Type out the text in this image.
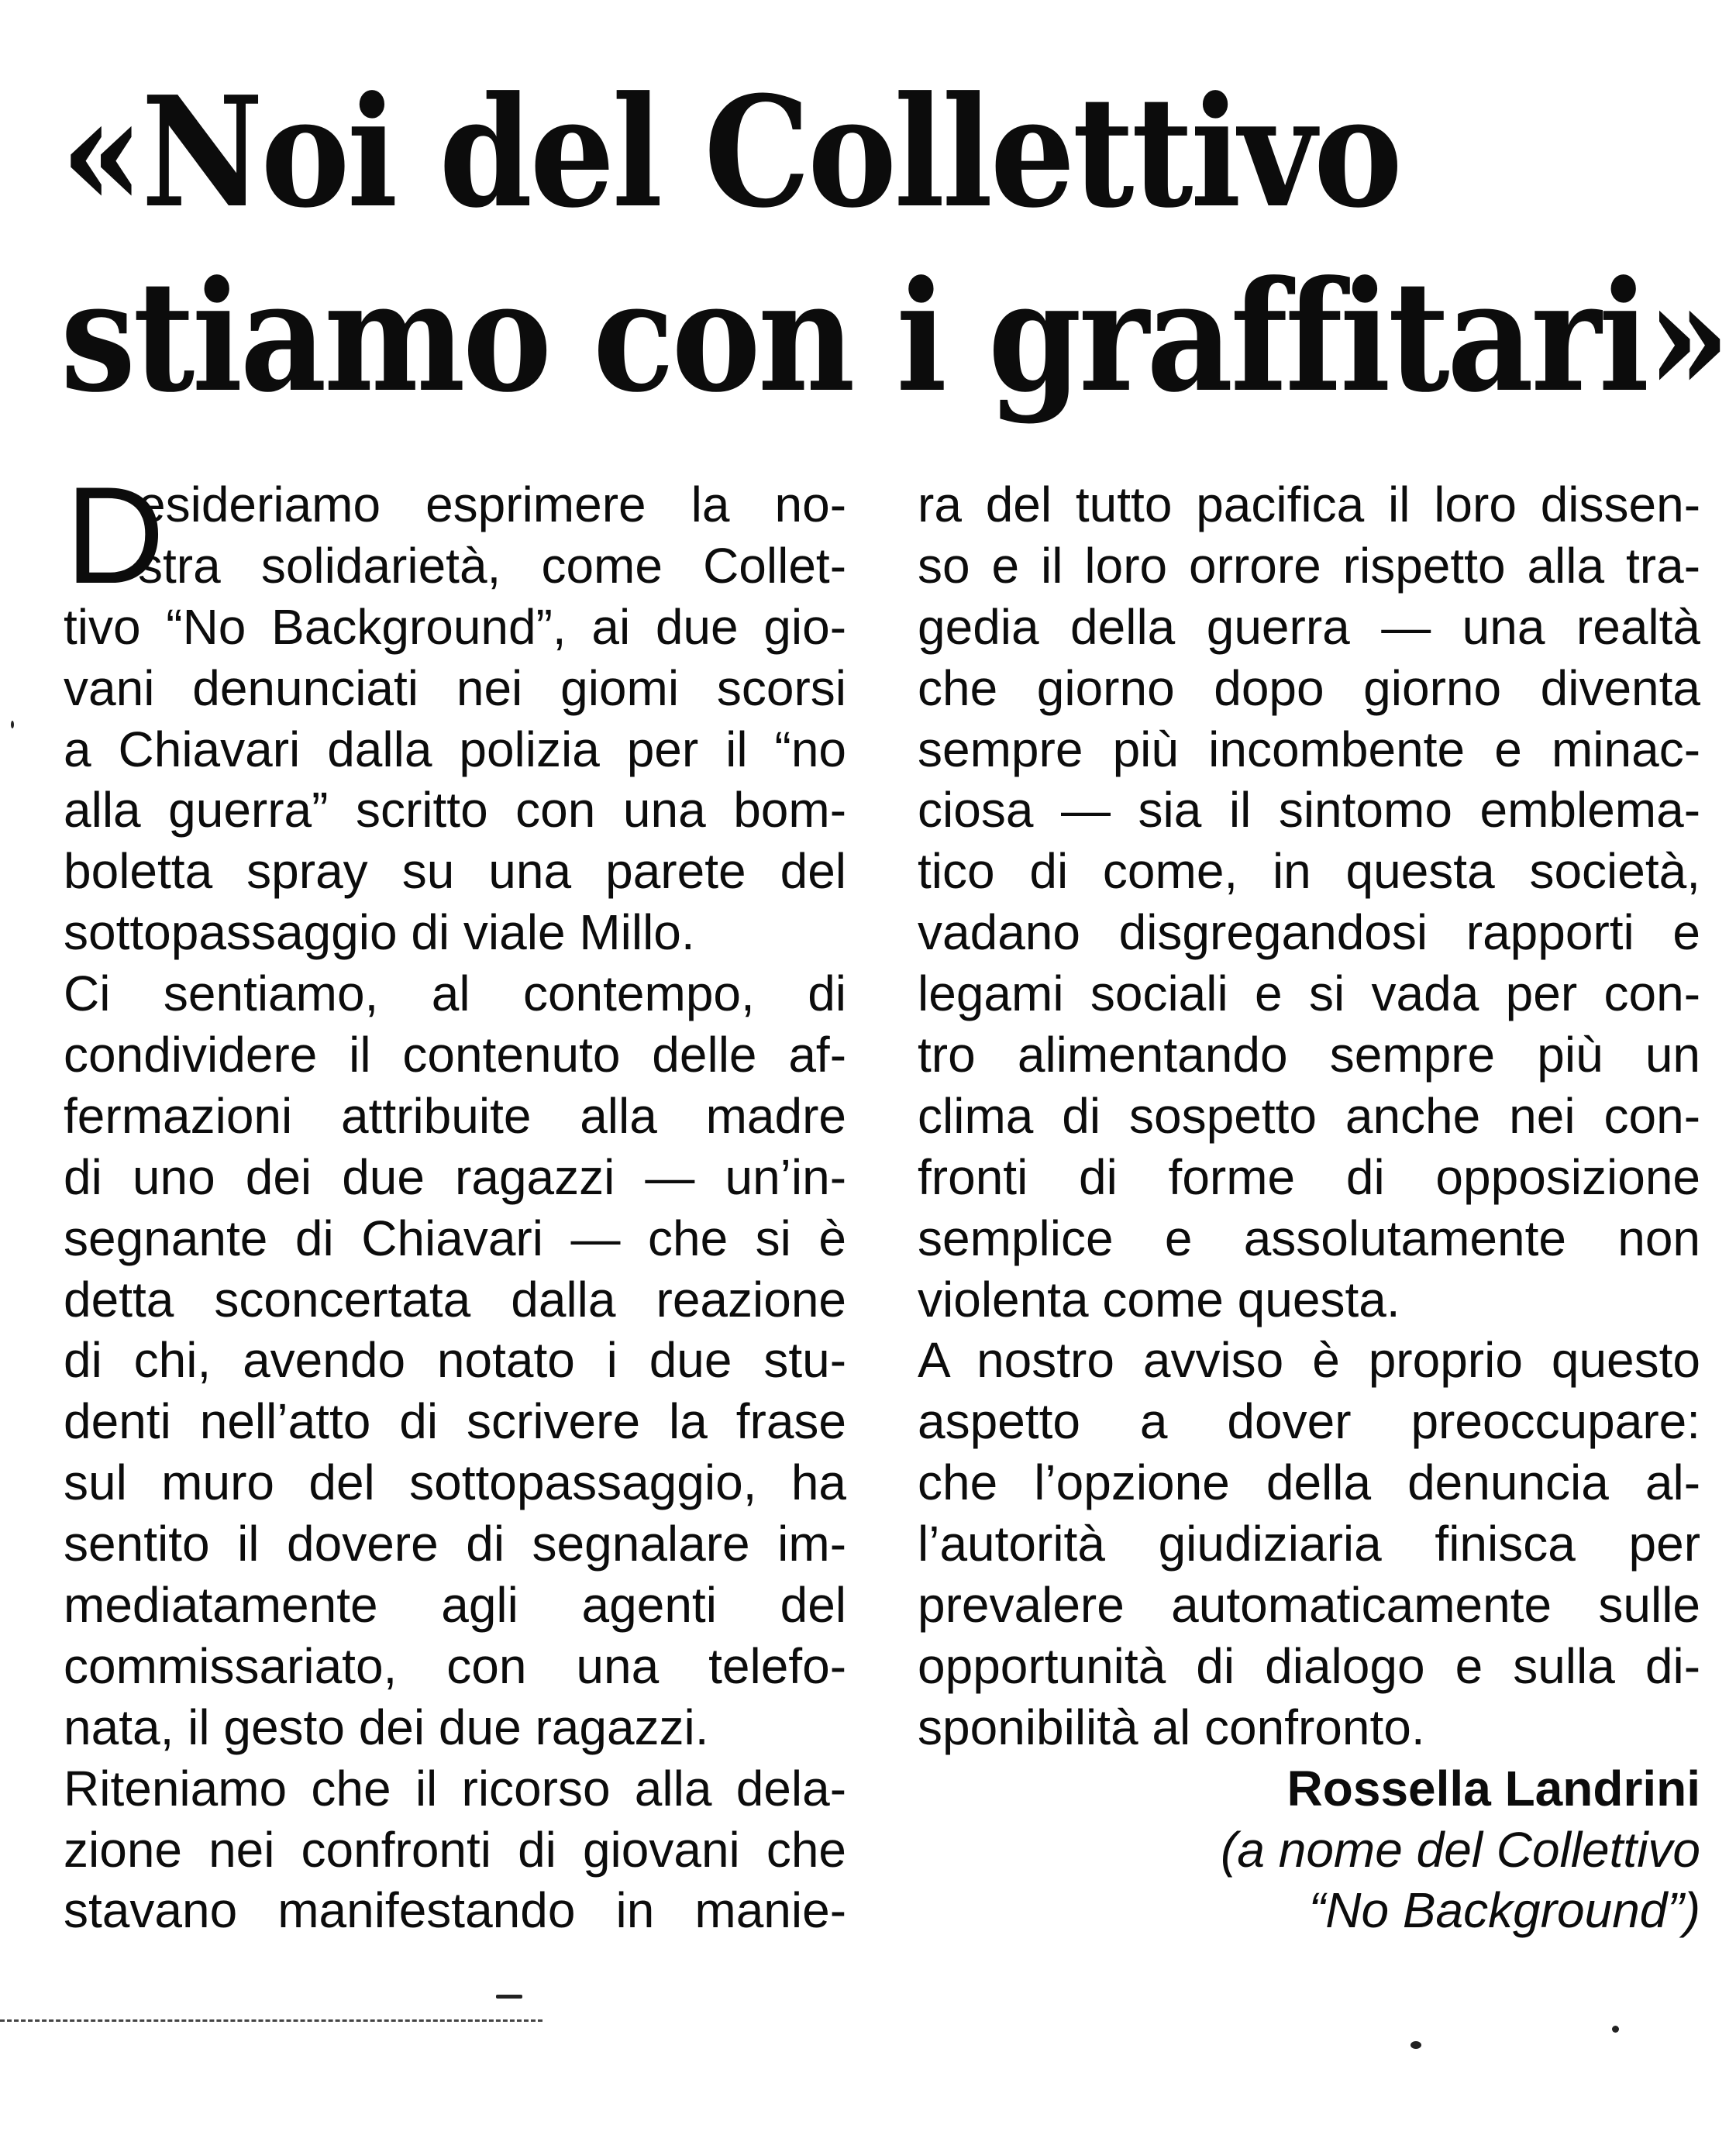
«Noi del Collettivo
stiamo con i graffitari»
D
esideriamo esprimere la no-
stra solidarietà, come Collet-
tivo “No Background”, ai due gio-
vani denunciati nei giomi scorsi
a Chiavari dalla polizia per il “no
alla guerra” scritto con una bom-
boletta spray su una parete del
sottopassaggio di viale Millo.
Ci sentiamo, al contempo, di
condividere il contenuto delle af-
fermazioni attribuite alla madre
di uno dei due ragazzi — un’in-
segnante di Chiavari — che si è
detta sconcertata dalla reazione
di chi, avendo notato i due stu-
denti nell’atto di scrivere la frase
sul muro del sottopassaggio, ha
sentito il dovere di segnalare im-
mediatamente agli agenti del
commissariato, con una telefo-
nata, il gesto dei due ragazzi.
Riteniamo che il ricorso alla dela-
zione nei confronti di giovani che
stavano manifestando in manie-
ra del tutto pacifica il loro dissen-
so e il loro orrore rispetto alla tra-
gedia della guerra — una realtà
che giorno dopo giorno diventa
sempre più incombente e minac-
ciosa — sia il sintomo emblema-
tico di come, in questa società,
vadano disgregandosi rapporti e
legami sociali e si vada per con-
tro alimentando sempre più un
clima di sospetto anche nei con-
fronti di forme di opposizione
semplice e assolutamente non
violenta come questa.
A nostro avviso è proprio questo
aspetto a dover preoccupare:
che l’opzione della denuncia al-
l’autorità giudiziaria finisca per
prevalere automaticamente sulle
opportunità di dialogo e sulla di-
sponibilità al confronto.
Rossella Landrini
(a nome del Collettivo
“No Background”)
